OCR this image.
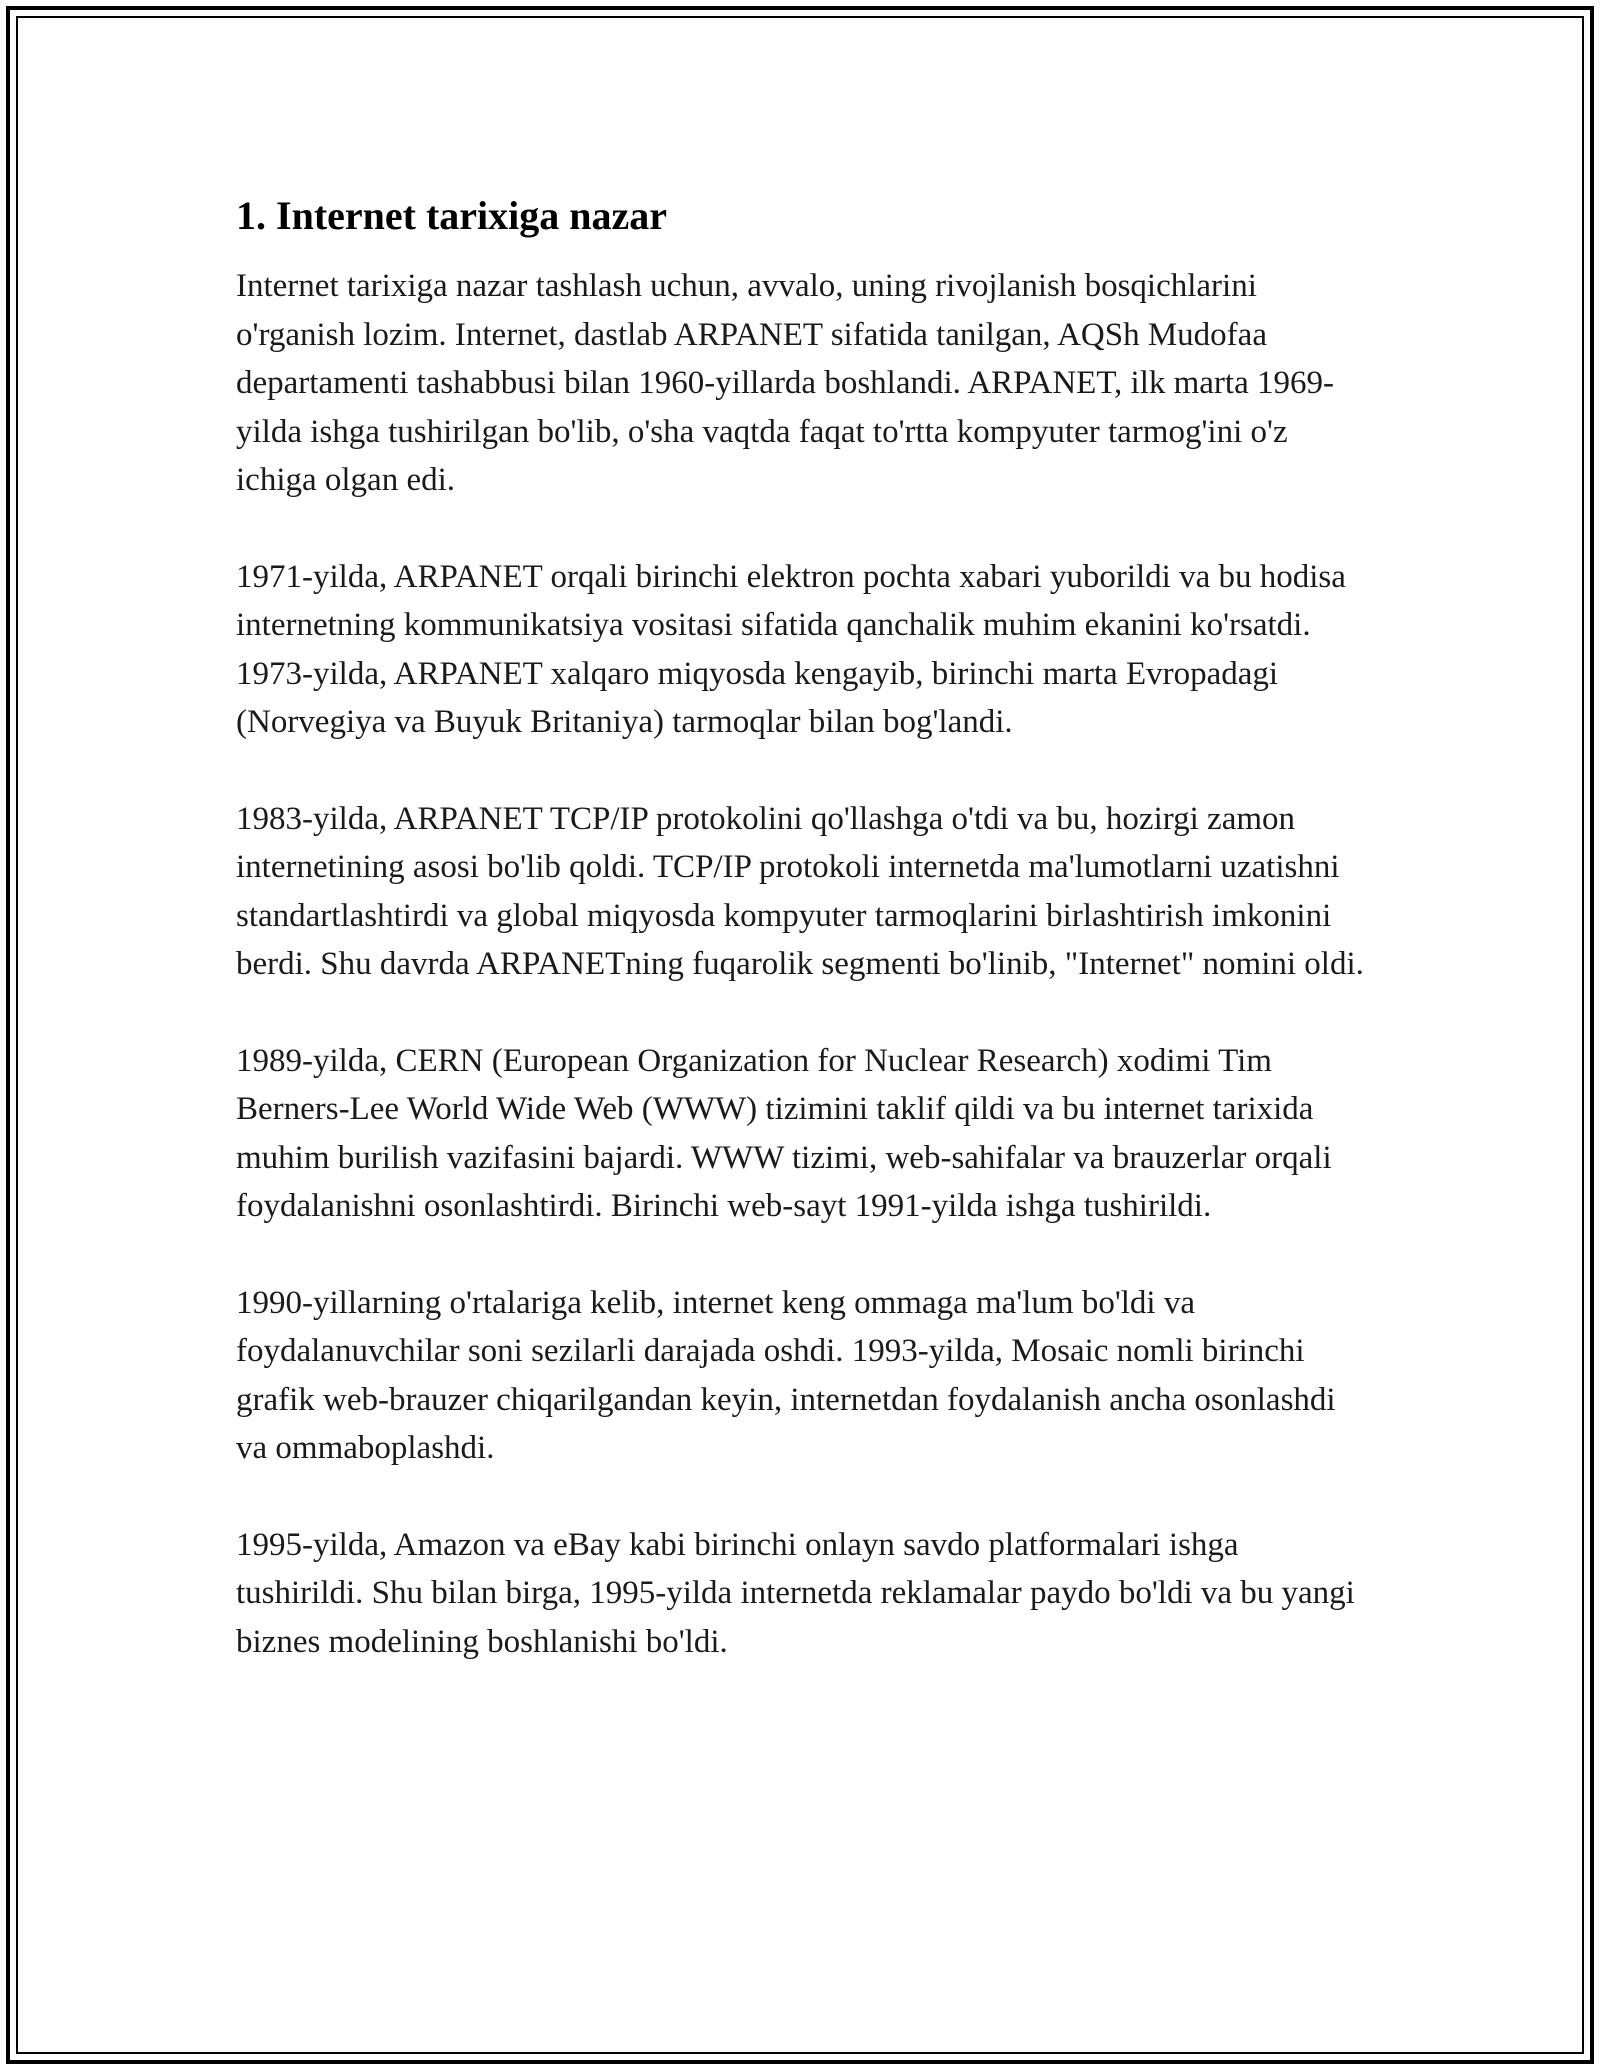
1. Internet tarixiga nazar

Internet tarixiga nazar tashlash uchun, avvalo, uning rivojlanish bosqichlarini o'rganish lozim. Internet, dastlab ARPANET sifatida tanilgan, AQSh Mudofaa departamenti tashabbusi bilan 1960-yillarda boshlandi. ARPANET, ilk marta 1969-yilda ishga tushirilgan bo'lib, o'sha vaqtda faqat to'rtta kompyuter tarmog'ini o'z ichiga olgan edi.

1971-yilda, ARPANET orqali birinchi elektron pochta xabari yuborildi va bu hodisa internetning kommunikatsiya vositasi sifatida qanchalik muhim ekanini ko'rsatdi. 1973-yilda, ARPANET xalqaro miqyosda kengayib, birinchi marta Evropadagi (Norvegiya va Buyuk Britaniya) tarmoqlar bilan bog'landi.

1983-yilda, ARPANET TCP/IP protokolini qo'llashga o'tdi va bu, hozirgi zamon internetining asosi bo'lib qoldi. TCP/IP protokoli internetda ma'lumotlarni uzatishni standartlashtirdi va global miqyosda kompyuter tarmoqlarini birlashtirish imkonini berdi. Shu davrda ARPANETning fuqarolik segmenti bo'linib, "Internet" nomini oldi.

1989-yilda, CERN (European Organization for Nuclear Research) xodimi Tim Berners-Lee World Wide Web (WWW) tizimini taklif qildi va bu internet tarixida muhim burilish vazifasini bajardi. WWW tizimi, web-sahifalar va brauzerlar orqali foydalanishni osonlashtirdi. Birinchi web-sayt 1991-yilda ishga tushirildi.

1990-yillarning o'rtalariga kelib, internet keng ommaga ma'lum bo'ldi va foydalanuvchilar soni sezilarli darajada oshdi. 1993-yilda, Mosaic nomli birinchi grafik web-brauzer chiqarilgandan keyin, internetdan foydalanish ancha osonlashdi va ommaboplashdi.

1995-yilda, Amazon va eBay kabi birinchi onlayn savdo platformalari ishga tushirildi. Shu bilan birga, 1995-yilda internetda reklamalar paydo bo'ldi va bu yangi biznes modelining boshlanishi bo'ldi.
